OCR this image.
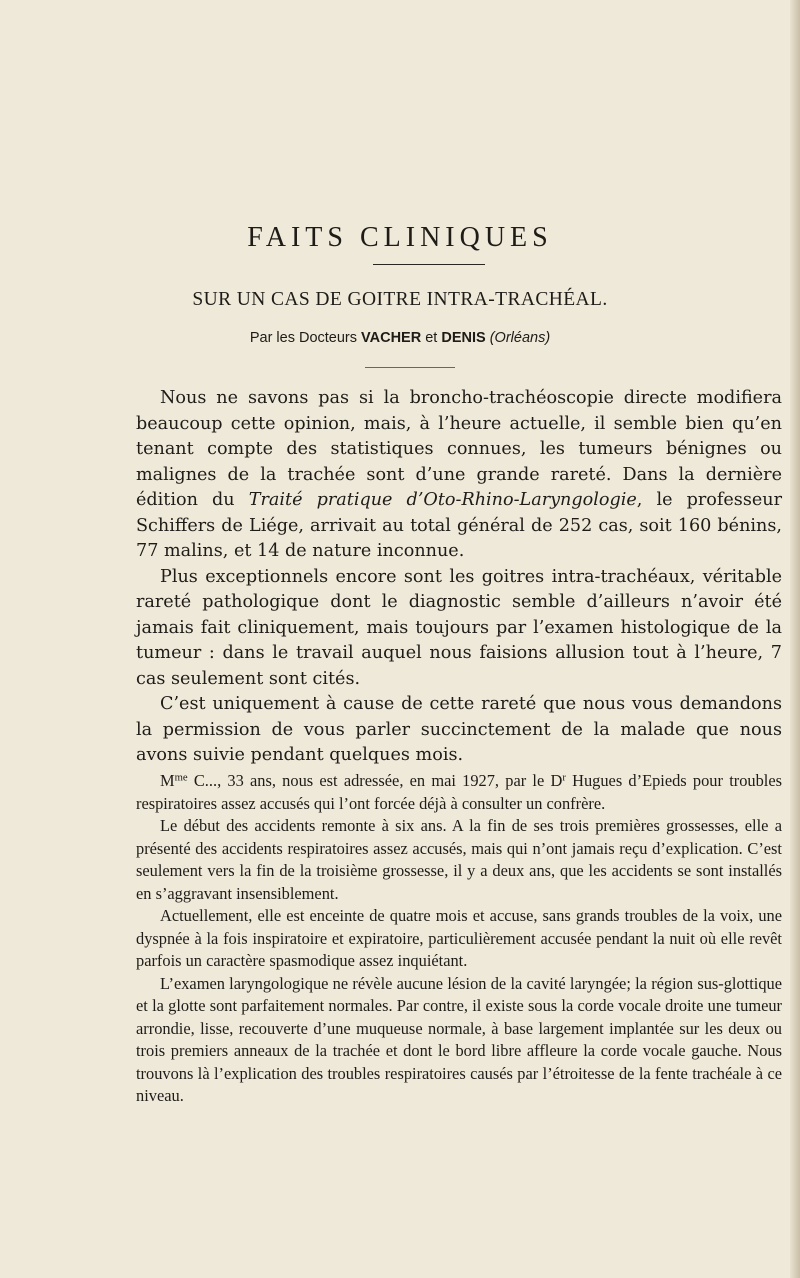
FAITS CLINIQUES
SUR UN CAS DE GOITRE INTRA-TRACHÉAL.
Par les Docteurs VACHER et DENIS (Orléans)

Nous ne savons pas si la broncho-trachéoscopie directe modifiera beaucoup cette opinion, mais, à l’heure actuelle, il semble bien qu’en tenant compte des statistiques connues, les tumeurs bénignes ou malignes de la trachée sont d’une grande rareté. Dans la dernière édition du Traité pratique d’Oto-Rhino-Laryngologie, le professeur Schiffers de Liége, arrivait au total général de 252 cas, soit 160 bénins, 77 malins, et 14 de nature inconnue.

Plus exceptionnels encore sont les goitres intra-trachéaux, véritable rareté pathologique dont le diagnostic semble d’ailleurs n’avoir été jamais fait cliniquement, mais toujours par l’examen histologique de la tumeur : dans le travail auquel nous faisions allusion tout à l’heure, 7 cas seulement sont cités.

C’est uniquement à cause de cette rareté que nous vous demandons la permission de vous parler succinctement de la malade que nous avons suivie pendant quelques mois.

$M^{me}$ C..., 33 ans, nous est adressée, en mai 1927, par le $D^r$ Hugues d’Epieds pour troubles respiratoires assez accusés qui l’ont forcée déjà à consulter un confrère.

Le début des accidents remonte à six ans. A la fin de ses trois premières grossesses, elle a présenté des accidents respiratoires assez accusés, mais qui n’ont jamais reçu d’explication. C’est seulement vers la fin de la troisième grossesse, il y a deux ans, que les accidents se sont installés en s’aggravant insensiblement.

Actuellement, elle est enceinte de quatre mois et accuse, sans grands troubles de la voix, une dyspnée à la fois inspiratoire et expiratoire, particulièrement accusée pendant la nuit où elle revêt parfois un caractère spasmodique assez inquiétant.

L’examen laryngologique ne révèle aucune lésion de la cavité laryngée; la région sus-glottique et la glotte sont parfaitement normales. Par contre, il existe sous la corde vocale droite une tumeur arrondie, lisse, recouverte d’une muqueuse normale, à base largement implantée sur les deux ou trois premiers anneaux de la trachée et dont le bord libre affleure la corde vocale gauche. Nous trouvons là l’explication des troubles respiratoires causés par l’étroitesse de la fente trachéale à ce niveau.
